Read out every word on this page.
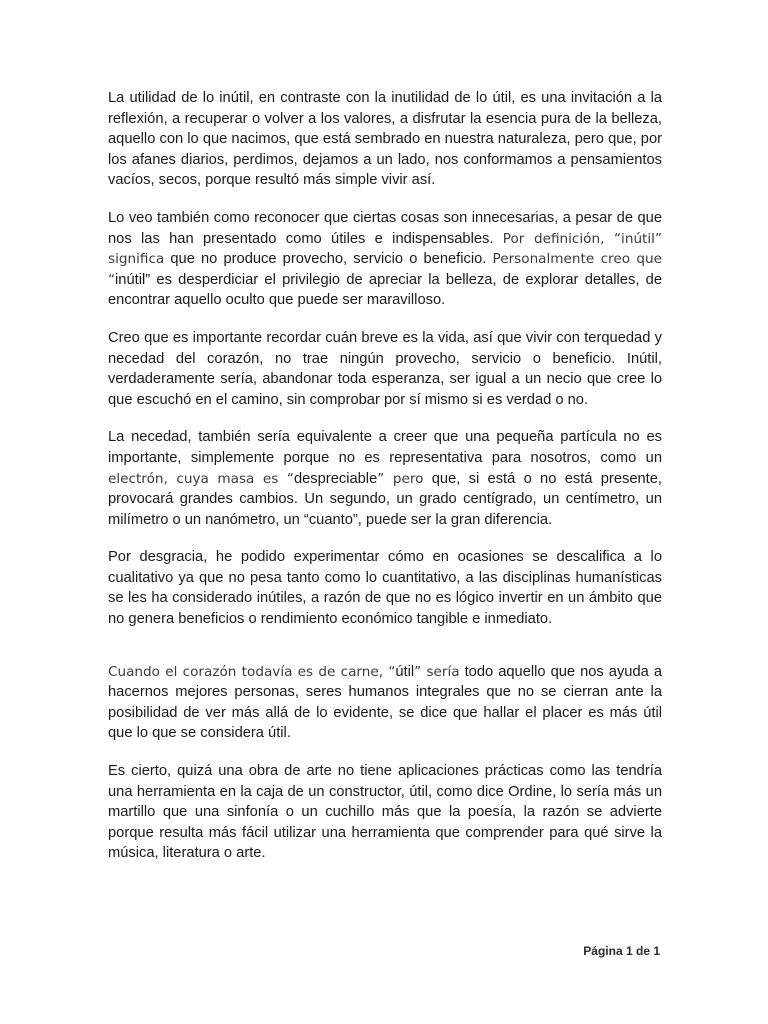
La utilidad de lo inútil, en contraste con la inutilidad de lo útil, es una invitación a la reflexión, a recuperar o volver a los valores, a disfrutar la esencia pura de la belleza, aquello con lo que nacimos, que está sembrado en nuestra naturaleza, pero que, por los afanes diarios, perdimos, dejamos a un lado, nos conformamos a pensamientos vacíos, secos, porque resultó más simple vivir así.

Lo veo también como reconocer que ciertas cosas son innecesarias, a pesar de que nos las han presentado como útiles e indispensables. Por definición, “inútil” significa que no produce provecho, servicio o beneficio. Personalmente creo que “inútil” es desperdiciar el privilegio de apreciar la belleza, de explorar detalles, de encontrar aquello oculto que puede ser maravilloso.

Creo que es importante recordar cuán breve es la vida, así que vivir con terquedad y necedad del corazón, no trae ningún provecho, servicio o beneficio. Inútil, verdaderamente sería, abandonar toda esperanza, ser igual a un necio que cree lo que escuchó en el camino, sin comprobar por sí mismo si es verdad o no.

La necedad, también sería equivalente a creer que una pequeña partícula no es importante, simplemente porque no es representativa para nosotros, como un electrón, cuya masa es “despreciable” pero que, si está o no está presente, provocará grandes cambios. Un segundo, un grado centígrado, un centímetro, un milímetro o un nanómetro, un “cuanto”, puede ser la gran diferencia.

Por desgracia, he podido experimentar cómo en ocasiones se descalifica a lo cualitativo ya que no pesa tanto como lo cuantitativo, a las disciplinas humanísticas se les ha considerado inútiles, a razón de que no es lógico invertir en un ámbito que no genera beneficios o rendimiento económico tangible e inmediato.

Cuando el corazón todavía es de carne, “útil” sería todo aquello que nos ayuda a hacernos mejores personas, seres humanos integrales que no se cierran ante la posibilidad de ver más allá de lo evidente, se dice que hallar el placer es más útil que lo que se considera útil.

Es cierto, quizá una obra de arte no tiene aplicaciones prácticas como las tendría una herramienta en la caja de un constructor, útil, como dice Ordine, lo sería más un martillo que una sinfonía o un cuchillo más que la poesía, la razón se advierte porque resulta más fácil utilizar una herramienta que comprender para qué sirve la música, literatura o arte.

Página 1 de 1
